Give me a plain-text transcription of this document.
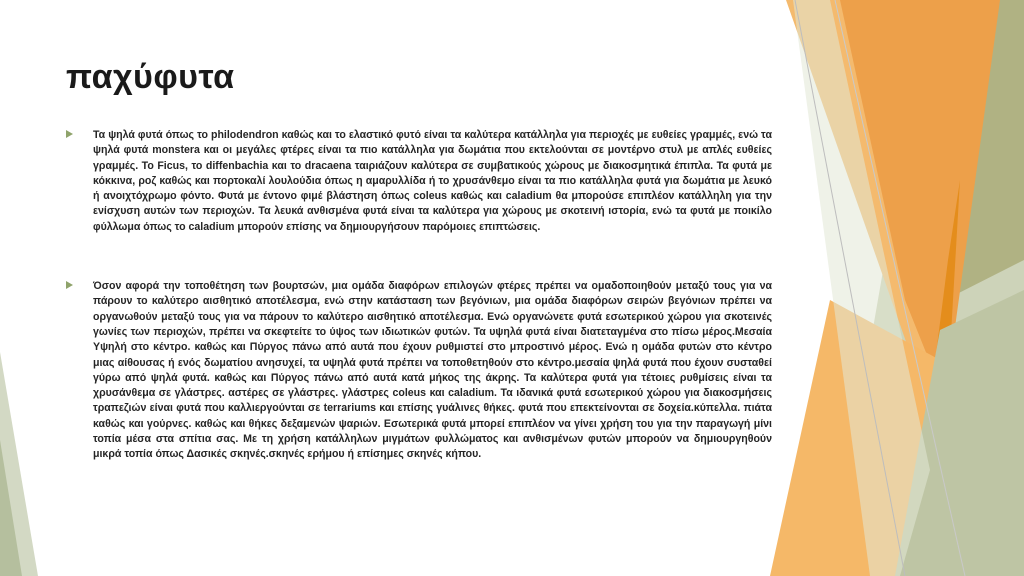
παχύφυτα

Τα ψηλά φυτά όπως το philodendron καθώς και το ελαστικό φυτό είναι τα καλύτερα κατάλληλα για περιοχές με ευθείες γραμμές, ενώ τα ψηλά φυτά monstera και οι μεγάλες φτέρες είναι τα πιο κατάλληλα για δωμάτια που εκτελούνται σε μοντέρνο στυλ με απλές ευθείες γραμμές. Το Ficus, το diffenbachia και το dracaena ταιριάζουν καλύτερα σε συμβατικούς χώρους με διακοσμητικά έπιπλα. Τα φυτά με κόκκινα, ροζ καθώς και πορτοκαλί λουλούδια όπως η αμαρυλλίδα ή το χρυσάνθεμο είναι τα πιο κατάλληλα φυτά για δωμάτια με λευκό ή ανοιχτόχρωμο φόντο. Φυτά με έντονο φιμέ βλάστηση όπως coleus καθώς και caladium θα μπορούσε επιπλέον κατάλληλη για την ενίσχυση αυτών των περιοχών. Τα λευκά ανθισμένα φυτά είναι τα καλύτερα για χώρους με σκοτεινή ιστορία, ενώ τα φυτά με ποικίλο φύλλωμα όπως το caladium μπορούν επίσης να δημιουργήσουν παρόμοιες επιπτώσεις.

Όσον αφορά την τοποθέτηση των βουρτσών, μια ομάδα διαφόρων επιλογών φτέρες πρέπει να ομαδοποιηθούν μεταξύ τους για να πάρουν το καλύτερο αισθητικό αποτέλεσμα, ενώ στην κατάσταση των βεγόνιων, μια ομάδα διαφόρων σειρών βεγόνιων πρέπει να οργανωθούν μεταξύ τους για να πάρουν το καλύτερο αισθητικό αποτέλεσμα. Ενώ οργανώνετε φυτά εσωτερικού χώρου για σκοτεινές γωνίες των περιοχών, πρέπει να σκεφτείτε το ύψος των ιδιωτικών φυτών. Τα υψηλά φυτά είναι διατεταγμένα στο πίσω μέρος.Μεσαία Υψηλή στο κέντρο. καθώς και Πύργος πάνω από αυτά που έχουν ρυθμιστεί στο μπροστινό μέρος. Ενώ η ομάδα φυτών στο κέντρο μιας αίθουσας ή ενός δωματίου ανησυχεί, τα υψηλά φυτά πρέπει να τοποθετηθούν στο κέντρο.μεσαία ψηλά φυτά που έχουν συσταθεί γύρω από ψηλά φυτά. καθώς και Πύργος πάνω από αυτά κατά μήκος της άκρης. Τα καλύτερα φυτά για τέτοιες ρυθμίσεις είναι τα χρυσάνθεμα σε γλάστρες. αστέρες σε γλάστρες. γλάστρες coleus και caladium. Τα ιδανικά φυτά εσωτερικού χώρου για διακοσμήσεις τραπεζιών είναι φυτά που καλλιεργούνται σε terrariums και επίσης γυάλινες θήκες. φυτά που επεκτείνονται σε δοχεία.κύπελλα. πιάτα καθώς και γούρνες. καθώς και θήκες δεξαμενών ψαριών. Εσωτερικά φυτά μπορεί επιπλέον να γίνει χρήση του για την παραγωγή μίνι τοπία μέσα στα σπίτια σας. Με τη χρήση κατάλληλων μιγμάτων φυλλώματος και ανθισμένων φυτών μπορούν να δημιουργηθούν μικρά τοπία όπως Δασικές σκηνές.σκηνές ερήμου ή επίσημες σκηνές κήπου.
